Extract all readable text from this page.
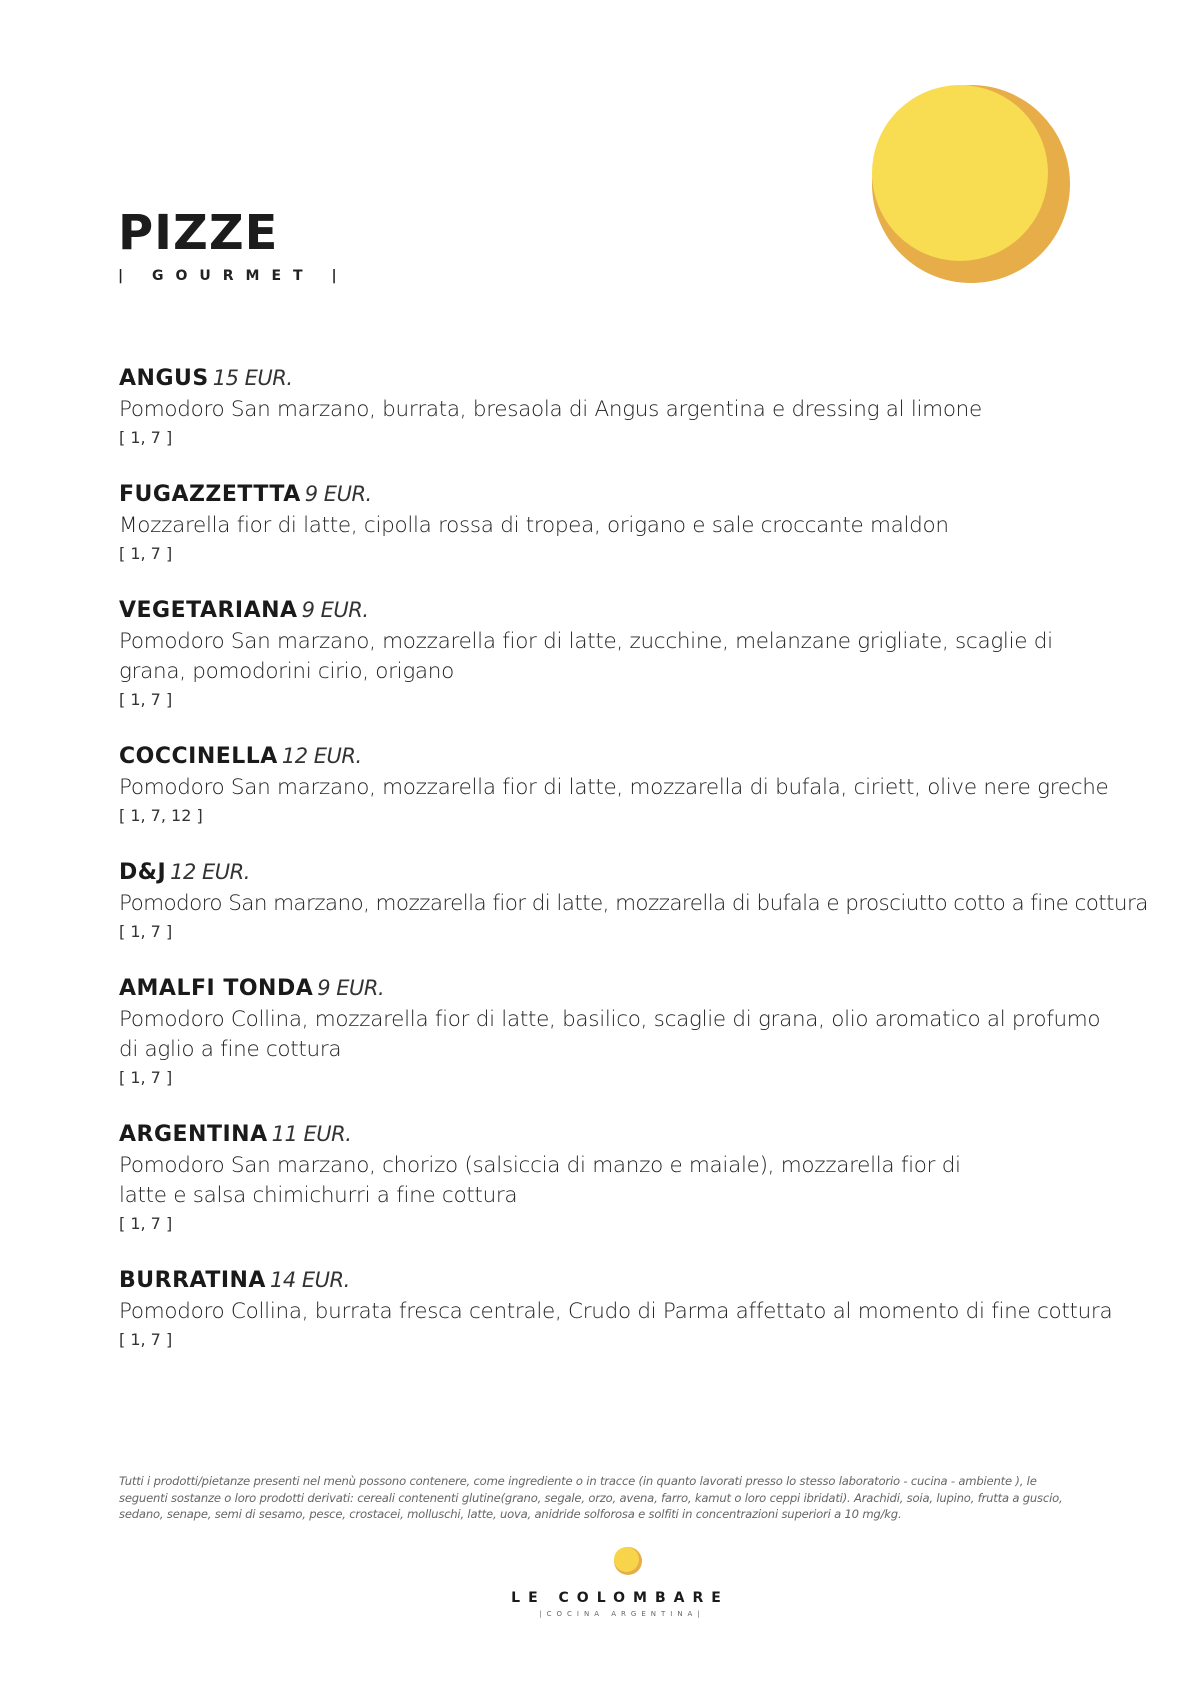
PIZZE
| GOURMET |
ANGUS 15 EUR.
Pomodoro San marzano, burrata, bresaola di Angus argentina e dressing al limone
[ 1, 7 ]
FUGAZZETTTA 9 EUR.
Mozzarella fior di latte, cipolla rossa di tropea, origano e sale croccante maldon
[ 1, 7 ]
VEGETARIANA 9 EUR.
Pomodoro San marzano, mozzarella fior di latte, zucchine, melanzane grigliate, scaglie di grana, pomodorini cirio, origano
[ 1, 7 ]
COCCINELLA 12 EUR.
Pomodoro San marzano, mozzarella fior di latte, mozzarella di bufala, ciriett, olive nere greche
[ 1, 7, 12 ]
D&J 12 EUR.
Pomodoro San marzano, mozzarella fior di latte, mozzarella di bufala e prosciutto cotto a fine cottura
[ 1, 7 ]
AMALFI TONDA 9 EUR.
Pomodoro Collina, mozzarella fior di latte, basilico, scaglie di grana, olio aromatico al profumo di aglio a fine cottura
[ 1, 7 ]
ARGENTINA 11 EUR.
Pomodoro San marzano, chorizo (salsiccia di manzo e maiale), mozzarella fior di latte e salsa chimichurri a fine cottura
[ 1, 7 ]
BURRATINA 14 EUR.
Pomodoro Collina, burrata fresca centrale, Crudo di Parma affettato al momento di fine cottura
[ 1, 7 ]
Tutti i prodotti/pietanze presenti nel menù possono contenere, come ingrediente o in tracce (in quanto lavorati presso lo stesso laboratorio - cucina - ambiente ), le seguenti sostanze o loro prodotti derivati: cereali contenenti glutine(grano, segale, orzo, avena, farro, kamut o loro ceppi ibridati). Arachidi, soia, lupino, frutta a guscio, sedano, senape, semi di sesamo, pesce, crostacei, molluschi, latte, uova, anidride solforosa e solfiti in concentrazioni superiori a 10 mg/kg.
LE COLOMBARE
|COCINA ARGENTINA|
